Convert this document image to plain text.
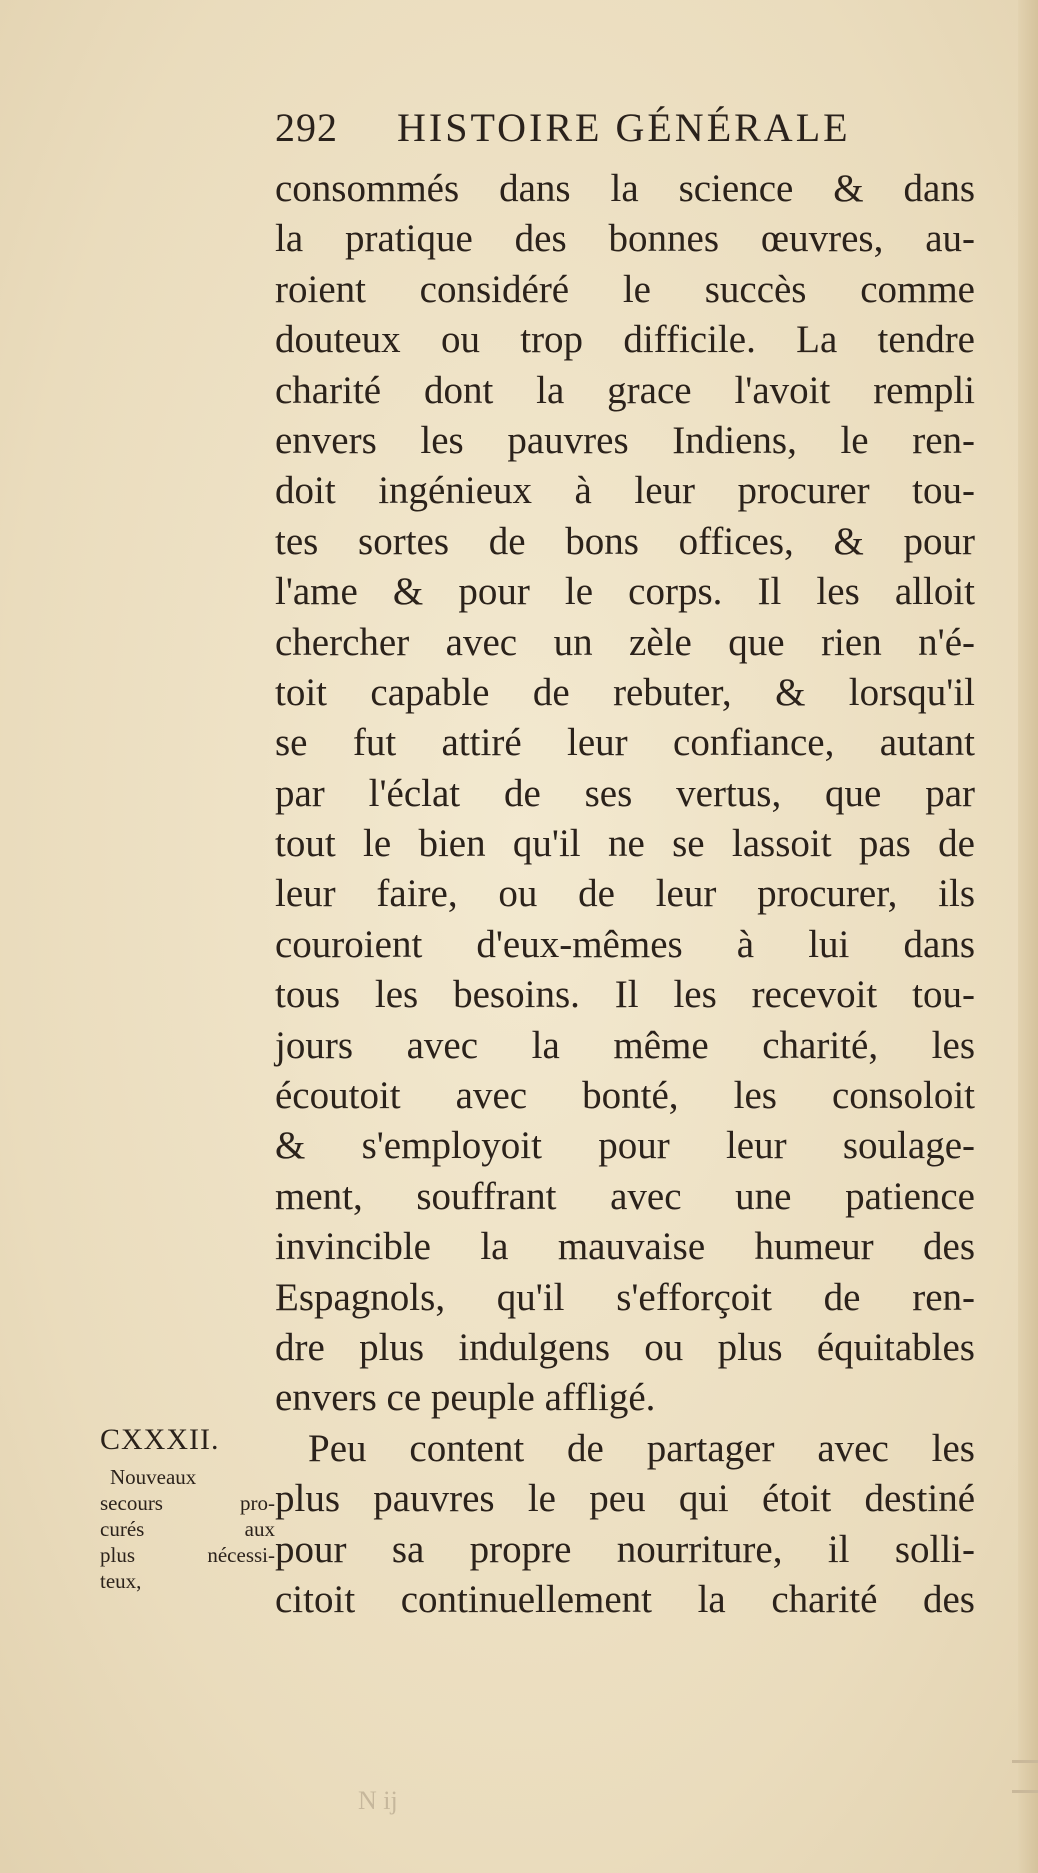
292 HISTOIRE GÉNÉRALE
consommés dans la science & dans
la pratique des bonnes œuvres, au-
roient considéré le succès comme
douteux ou trop difficile. La tendre
charité dont la grace l'avoit rempli
envers les pauvres Indiens, le ren-
doit ingénieux à leur procurer tou-
tes sortes de bons offices, & pour
l'ame & pour le corps. Il les alloit
chercher avec un zèle que rien n'é-
toit capable de rebuter, & lorsqu'il
se fut attiré leur confiance, autant
par l'éclat de ses vertus, que par
tout le bien qu'il ne se lassoit pas de
leur faire, ou de leur procurer, ils
couroient d'eux-mêmes à lui dans
tous les besoins. Il les recevoit tou-
jours avec la même charité, les
écoutoit avec bonté, les consoloit
& s'employoit pour leur soulage-
ment, souffrant avec une patience
invincible la mauvaise humeur des
Espagnols, qu'il s'efforçoit de ren-
dre plus indulgens ou plus équitables
envers ce peuple affligé.
Peu content de partager avec les
plus pauvres le peu qui étoit destiné
pour sa propre nourriture, il solli-
citoit continuellement la charité des
CXXXII.
Nouveaux
secours pro-
curés aux
plus nécessi-
teux,
N ij
